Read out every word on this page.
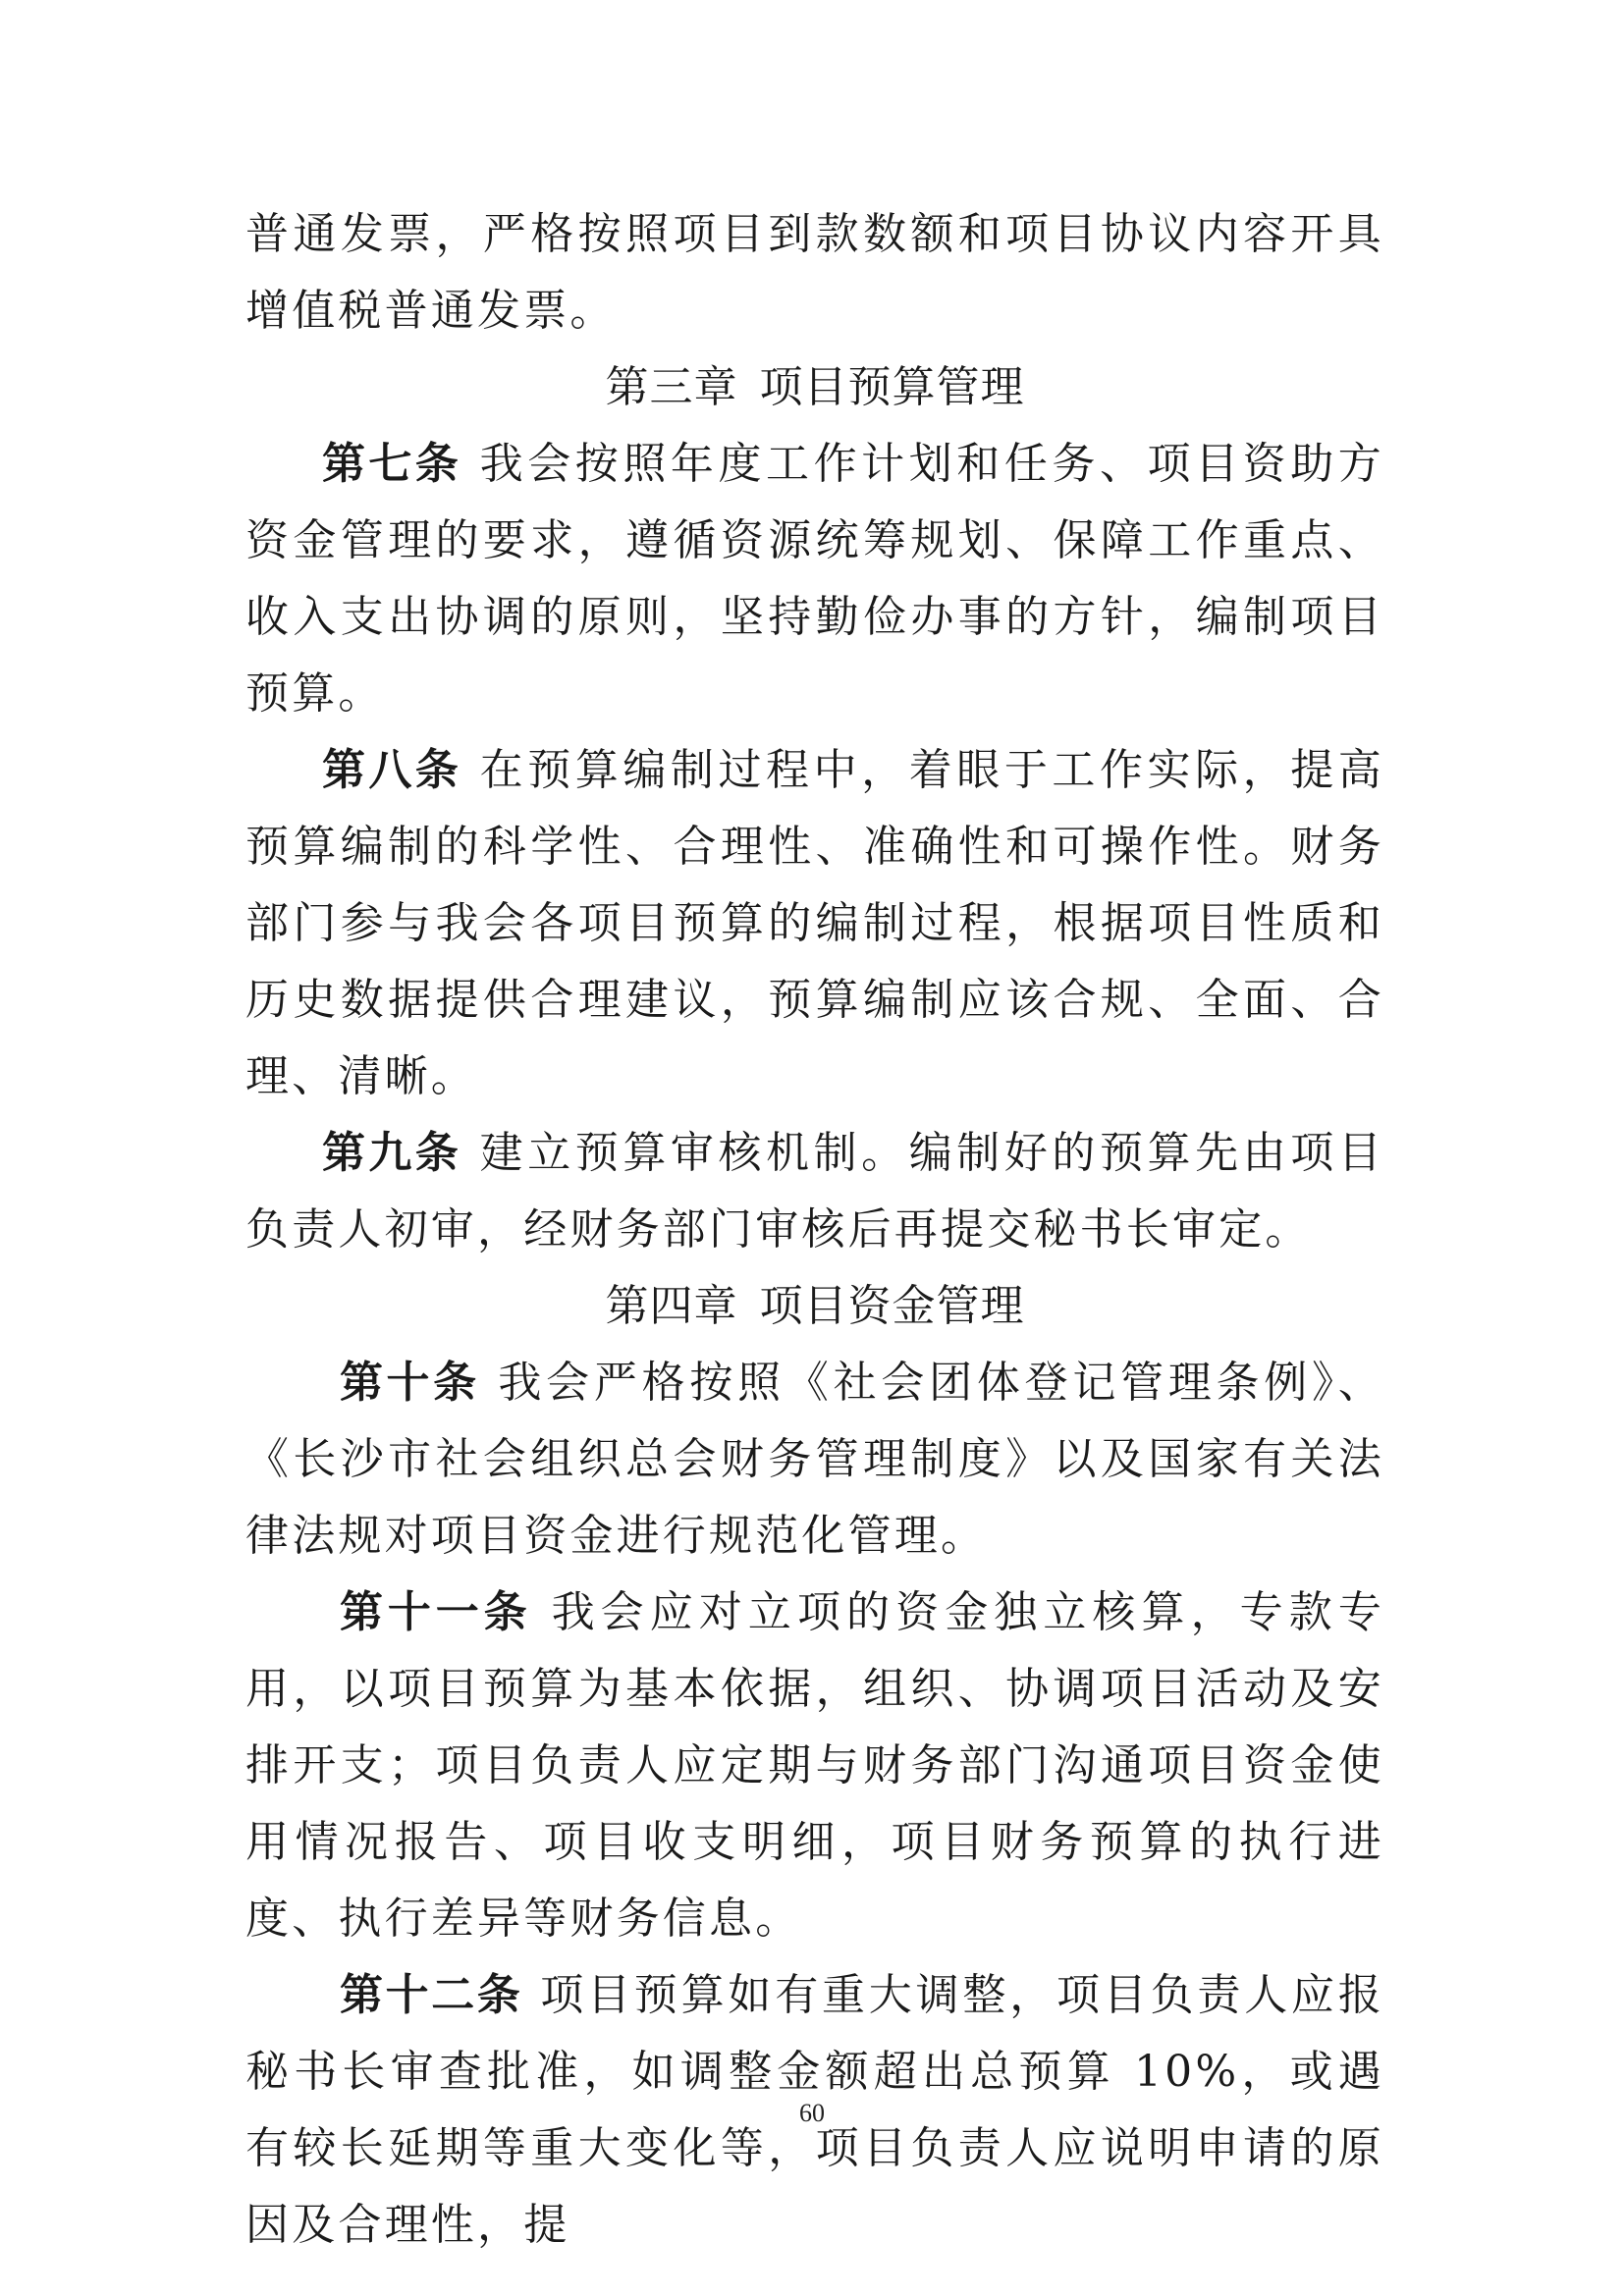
普通发票，严格按照项目到款数额和项目协议内容开具增值税普通发票。

第三章 项目预算管理

第七条 我会按照年度工作计划和任务、项目资助方资金管理的要求，遵循资源统筹规划、保障工作重点、收入支出协调的原则，坚持勤俭办事的方针，编制项目预算。

第八条 在预算编制过程中，着眼于工作实际，提高预算编制的科学性、合理性、准确性和可操作性。财务部门参与我会各项目预算的编制过程，根据项目性质和历史数据提供合理建议，预算编制应该合规、全面、合理、清晰。

第九条 建立预算审核机制。编制好的预算先由项目负责人初审，经财务部门审核后再提交秘书长审定。

第四章 项目资金管理

第十条 我会严格按照《社会团体登记管理条例》、《长沙市社会组织总会财务管理制度》以及国家有关法律法规对项目资金进行规范化管理。

第十一条 我会应对立项的资金独立核算，专款专用，以项目预算为基本依据，组织、协调项目活动及安排开支；项目负责人应定期与财务部门沟通项目资金使用情况报告、项目收支明细，项目财务预算的执行进度、执行差异等财务信息。

第十二条 项目预算如有重大调整，项目负责人应报秘书长审查批准，如调整金额超出总预算 10%，或遇有较长延期等重大变化等，项目负责人应说明申请的原因及合理性，提

60
